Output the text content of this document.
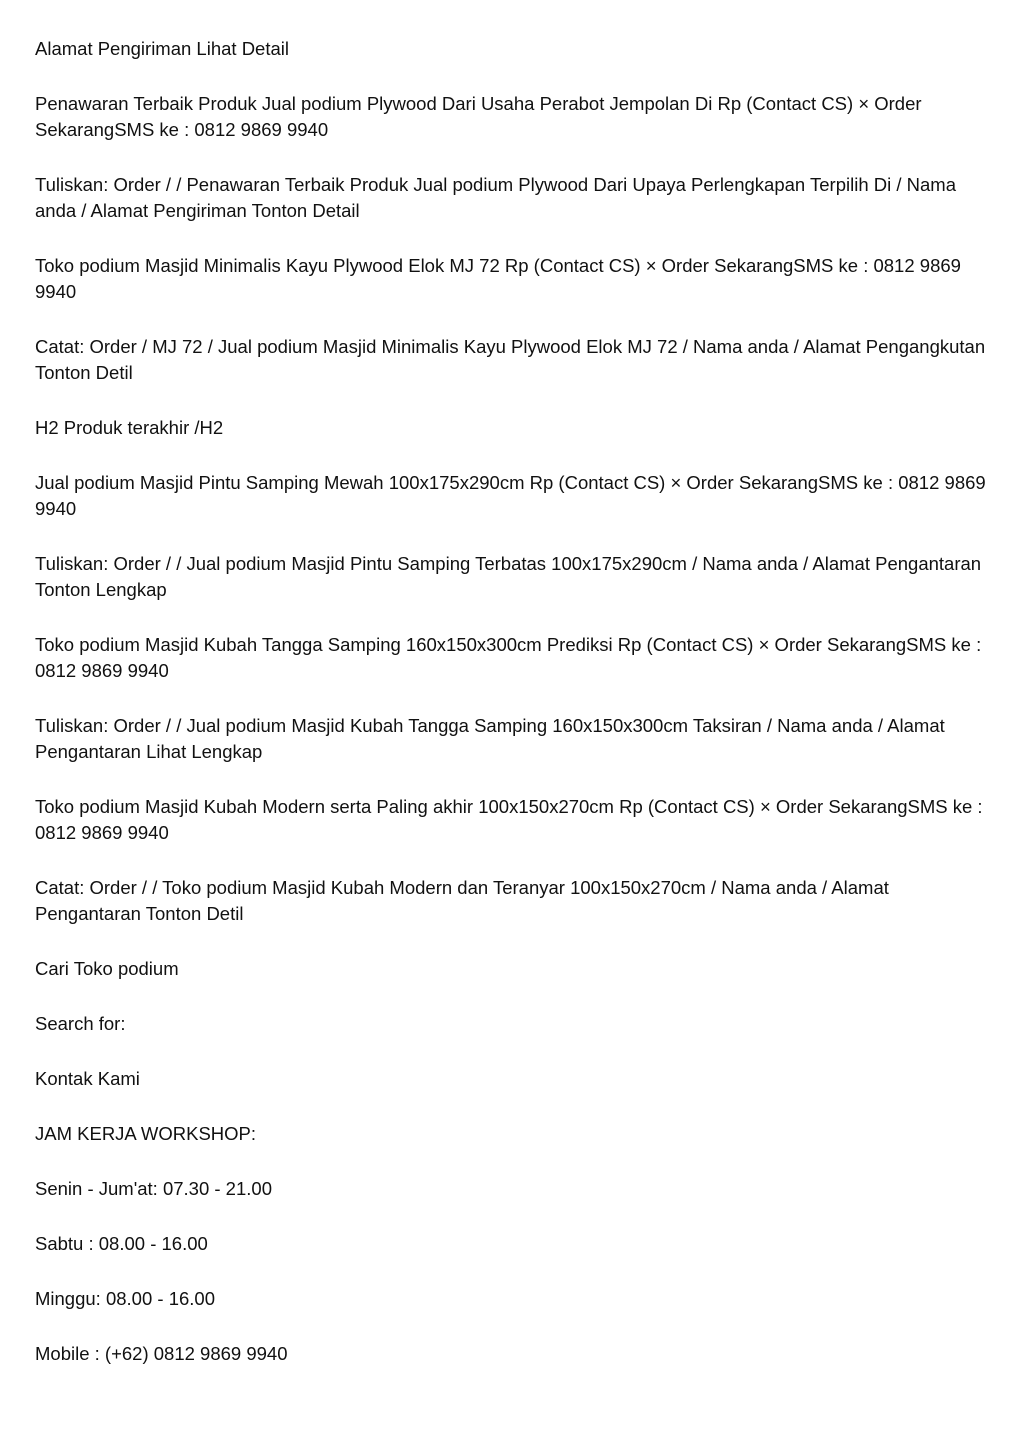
Alamat Pengiriman Lihat Detail

Penawaran Terbaik Produk Jual podium Plywood Dari Usaha Perabot Jempolan Di Rp (Contact CS) × Order SekarangSMS ke : 0812 9869 9940

Tuliskan: Order / / Penawaran Terbaik Produk Jual podium Plywood Dari Upaya Perlengkapan Terpilih Di / Nama anda / Alamat Pengiriman Tonton Detail

Toko podium Masjid Minimalis Kayu Plywood Elok MJ 72 Rp (Contact CS) × Order SekarangSMS ke : 0812 9869 9940

Catat: Order / MJ 72 / Jual podium Masjid Minimalis Kayu Plywood Elok MJ 72 / Nama anda / Alamat Pengangkutan Tonton Detil

H2 Produk terakhir /H2

Jual podium Masjid Pintu Samping Mewah 100x175x290cm Rp (Contact CS) × Order SekarangSMS ke : 0812 9869 9940

Tuliskan: Order / / Jual podium Masjid Pintu Samping Terbatas 100x175x290cm / Nama anda / Alamat Pengantaran Tonton Lengkap

Toko podium Masjid Kubah Tangga Samping 160x150x300cm Prediksi Rp (Contact CS) × Order SekarangSMS ke : 0812 9869 9940

Tuliskan: Order / / Jual podium Masjid Kubah Tangga Samping 160x150x300cm Taksiran / Nama anda / Alamat Pengantaran Lihat Lengkap

Toko podium Masjid Kubah Modern serta Paling akhir 100x150x270cm Rp (Contact CS) × Order SekarangSMS ke : 0812 9869 9940

Catat: Order / / Toko podium Masjid Kubah Modern dan Teranyar 100x150x270cm / Nama anda / Alamat Pengantaran Tonton Detil

Cari Toko podium

Search for:

Kontak Kami

JAM KERJA WORKSHOP:

Senin - Jum'at: 07.30 - 21.00

Sabtu : 08.00 - 16.00

Minggu: 08.00 - 16.00

Mobile : (+62) 0812 9869 9940
